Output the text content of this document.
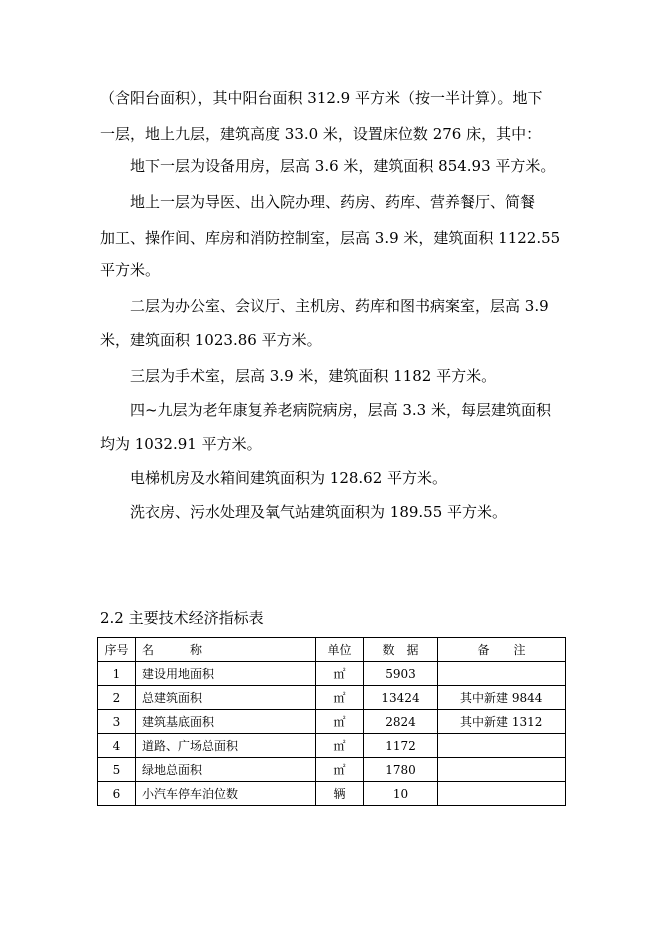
（含阳台面积），其中阳台面积 312.9 平方米（按一半计算）。地下
一层，地上九层，建筑高度 33.0 米，设置床位数 276 床，其中：
地下一层为设备用房，层高 3.6 米，建筑面积 854.93 平方米。
地上一层为导医、出入院办理、药房、药库、营养餐厅、简餐
加工、操作间、库房和消防控制室，层高 3.9 米，建筑面积 1122.55
平方米。
二层为办公室、会议厅、主机房、药库和图书病案室，层高 3.9
米，建筑面积 1023.86 平方米。
三层为手术室，层高 3.9 米，建筑面积 1182 平方米。
四~九层为老年康复养老病院病房，层高 3.3 米，每层建筑面积
均为 1032.91 平方米。
电梯机房及水箱间建筑面积为 128.62 平方米。
洗衣房、污水处理及氧气站建筑面积为 189.55 平方米。
2.2 主要技术经济指标表
序号	名　　　称	单位	数　据	备　　注
1	建设用地面积	㎡	5903	
2	总建筑面积	㎡	13424	其中新建 9844
3	建筑基底面积	㎡	2824	其中新建 1312
4	道路、广场总面积	㎡	1172	
5	绿地总面积	㎡	1780	
6	小汽车停车泊位数	辆	10	
